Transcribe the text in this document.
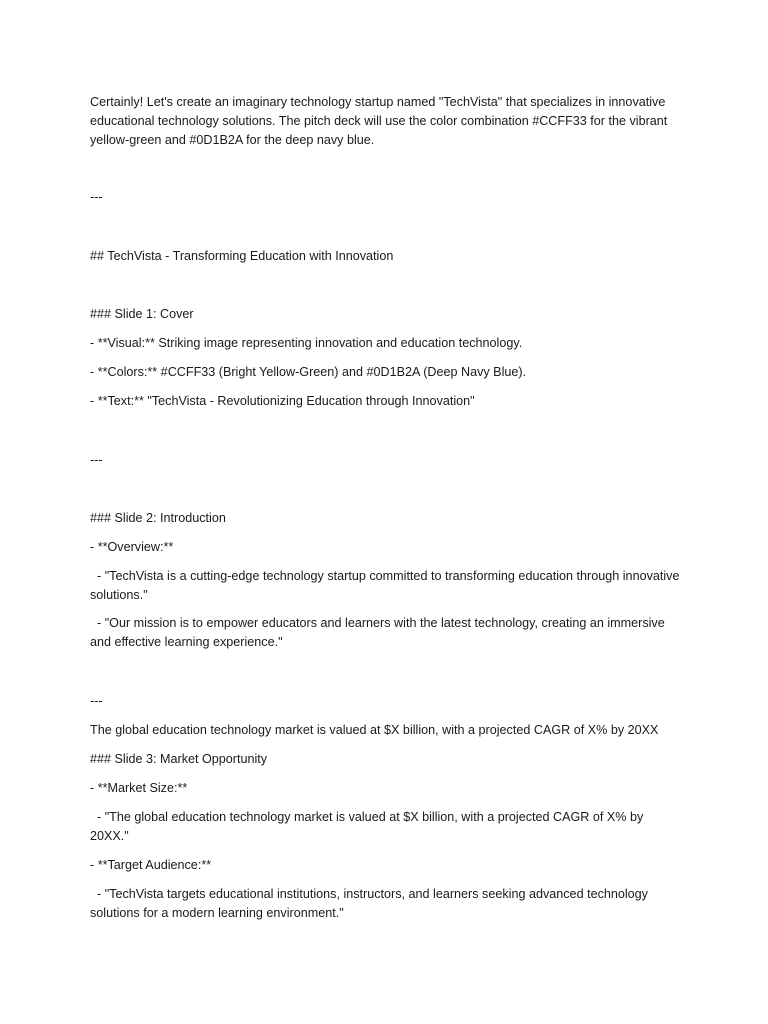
Certainly! Let's create an imaginary technology startup named "TechVista" that specializes in innovative educational technology solutions. The pitch deck will use the color combination #CCFF33 for the vibrant yellow-green and #0D1B2A for the deep navy blue.

---

## TechVista - Transforming Education with Innovation

### Slide 1: Cover

- **Visual:** Striking image representing innovation and education technology.

- **Colors:** #CCFF33 (Bright Yellow-Green) and #0D1B2A (Deep Navy Blue).

- **Text:** "TechVista - Revolutionizing Education through Innovation"

---

### Slide 2: Introduction

- **Overview:**

- "TechVista is a cutting-edge technology startup committed to transforming education through innovative solutions."

- "Our mission is to empower educators and learners with the latest technology, creating an immersive and effective learning experience."

---

The global education technology market is valued at $X billion, with a projected CAGR of X% by 20XX

### Slide 3: Market Opportunity

- **Market Size:**

- "The global education technology market is valued at $X billion, with a projected CAGR of X% by 20XX."

- **Target Audience:**

- "TechVista targets educational institutions, instructors, and learners seeking advanced technology solutions for a modern learning environment."
